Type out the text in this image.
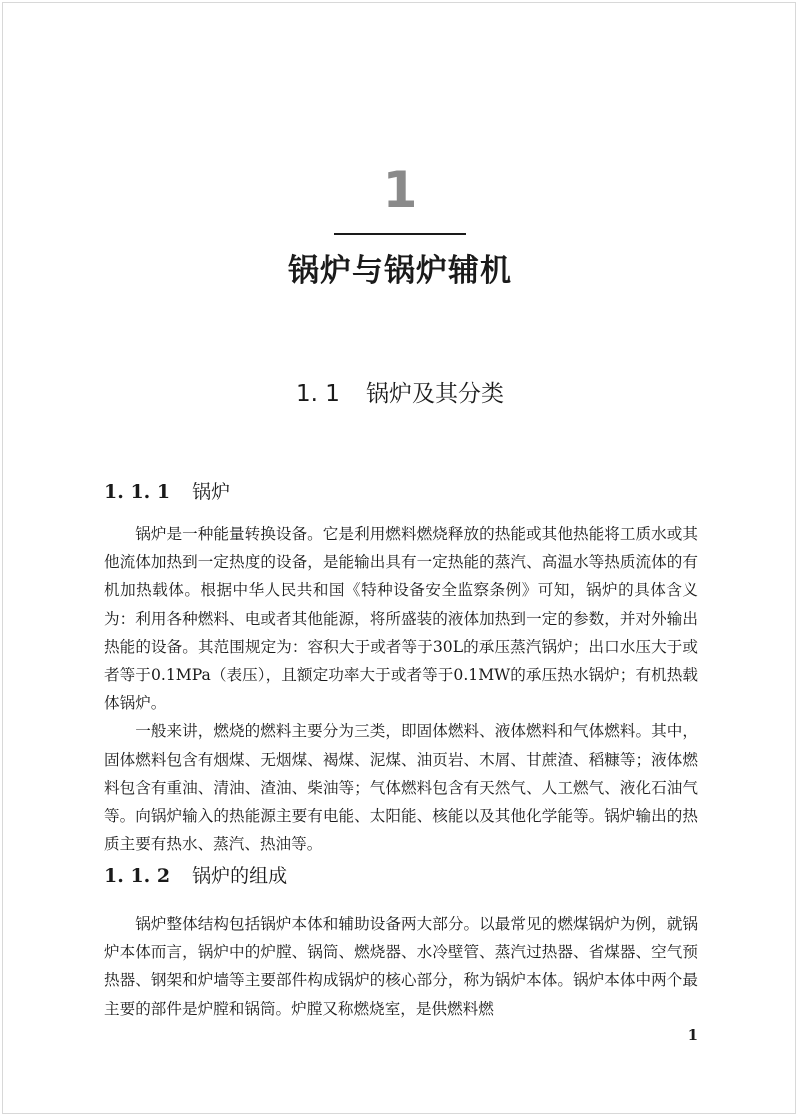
1
锅炉与锅炉辅机
1. 1 锅炉及其分类
1. 1. 1 锅炉

锅炉是一种能量转换设备。它是利用燃料燃烧释放的热能或其他热能将工质水或其他流体加热到一定热度的设备，是能输出具有一定热能的蒸汽、高温水等热质流体的有机加热载体。根据中华人民共和国《特种设备安全监察条例》可知，锅炉的具体含义为：利用各种燃料、电或者其他能源，将所盛装的液体加热到一定的参数，并对外输出热能的设备。其范围规定为：容积大于或者等于30L的承压蒸汽锅炉；出口水压大于或者等于0.1MPa（表压），且额定功率大于或者等于0.1MW的承压热水锅炉；有机热载体锅炉。

一般来讲，燃烧的燃料主要分为三类，即固体燃料、液体燃料和气体燃料。其中，固体燃料包含有烟煤、无烟煤、褐煤、泥煤、油页岩、木屑、甘蔗渣、稻糠等；液体燃料包含有重油、清油、渣油、柴油等；气体燃料包含有天然气、人工燃气、液化石油气等。向锅炉输入的热能源主要有电能、太阳能、核能以及其他化学能等。锅炉输出的热质主要有热水、蒸汽、热油等。

1. 1. 2 锅炉的组成

锅炉整体结构包括锅炉本体和辅助设备两大部分。以最常见的燃煤锅炉为例，就锅炉本体而言，锅炉中的炉膛、锅筒、燃烧器、水冷壁管、蒸汽过热器、省煤器、空气预热器、钢架和炉墙等主要部件构成锅炉的核心部分，称为锅炉本体。锅炉本体中两个最主要的部件是炉膛和锅筒。炉膛又称燃烧室，是供燃料燃

1
